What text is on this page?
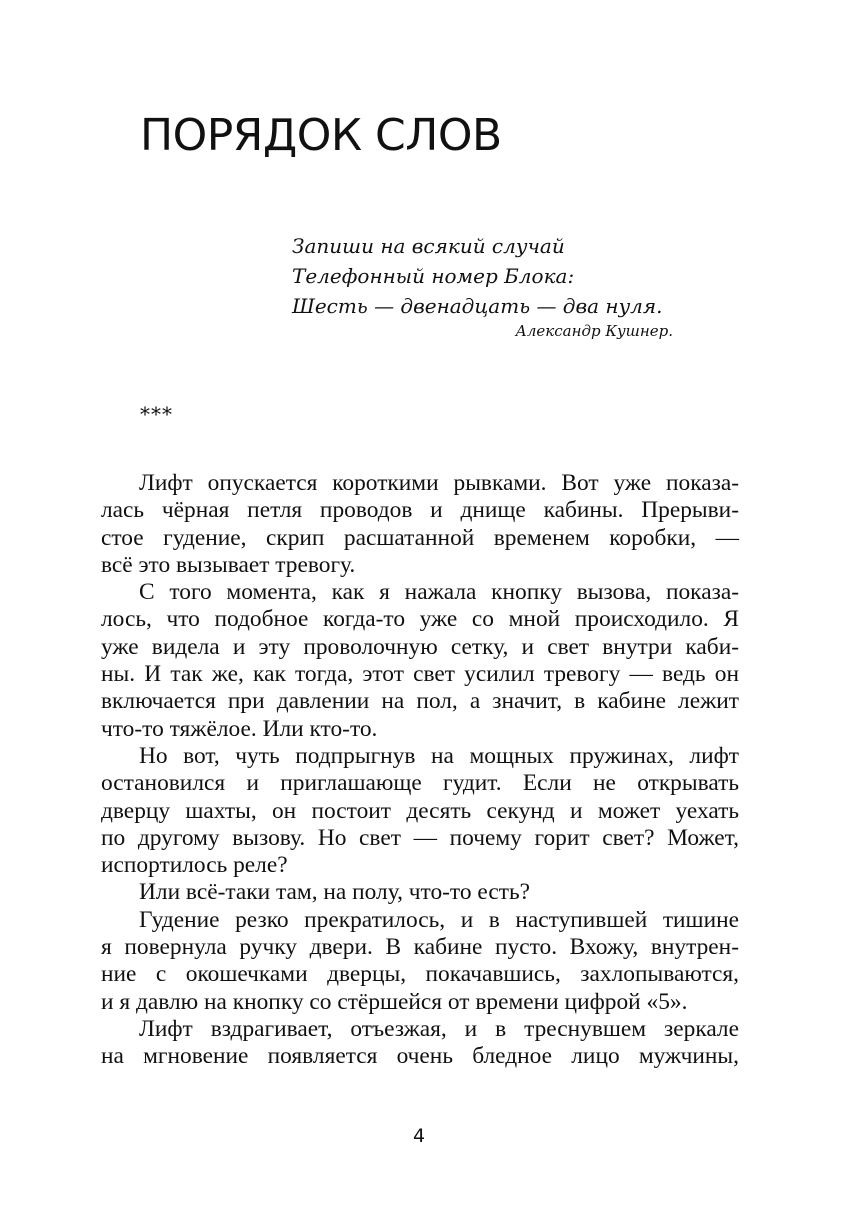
ПОРЯДОК СЛОВ
Запиши на всякий случай
Телефонный номер Блока:
Шесть — двенадцать — два нуля.
Александр Кушнер.
***
Лифт опускается короткими рывками. Вот уже показа-
лась чёрная петля проводов и днище кабины. Прерыви-
стое гудение, скрип расшатанной временем коробки, —
всё это вызывает тревогу.
С того момента, как я нажала кнопку вызова, показа-
лось, что подобное когда-то уже со мной происходило. Я
уже видела и эту проволочную сетку, и свет внутри каби-
ны. И так же, как тогда, этот свет усилил тревогу — ведь он
включается при давлении на пол, а значит, в кабине лежит
что-то тяжёлое. Или кто-то.
Но вот, чуть подпрыгнув на мощных пружинах, лифт
остановился и приглашающе гудит. Если не открывать
дверцу шахты, он постоит десять секунд и может уехать
по другому вызову. Но свет — почему горит свет? Может,
испортилось реле?
Или всё-таки там, на полу, что-то есть?
Гудение резко прекратилось, и в наступившей тишине
я повернула ручку двери. В кабине пусто. Вхожу, внутрен-
ние с окошечками дверцы, покачавшись, захлопываются,
и я давлю на кнопку со стёршейся от времени цифрой «5».
Лифт вздрагивает, отъезжая, и в треснувшем зеркале
на мгновение появляется очень бледное лицо мужчины,
4
